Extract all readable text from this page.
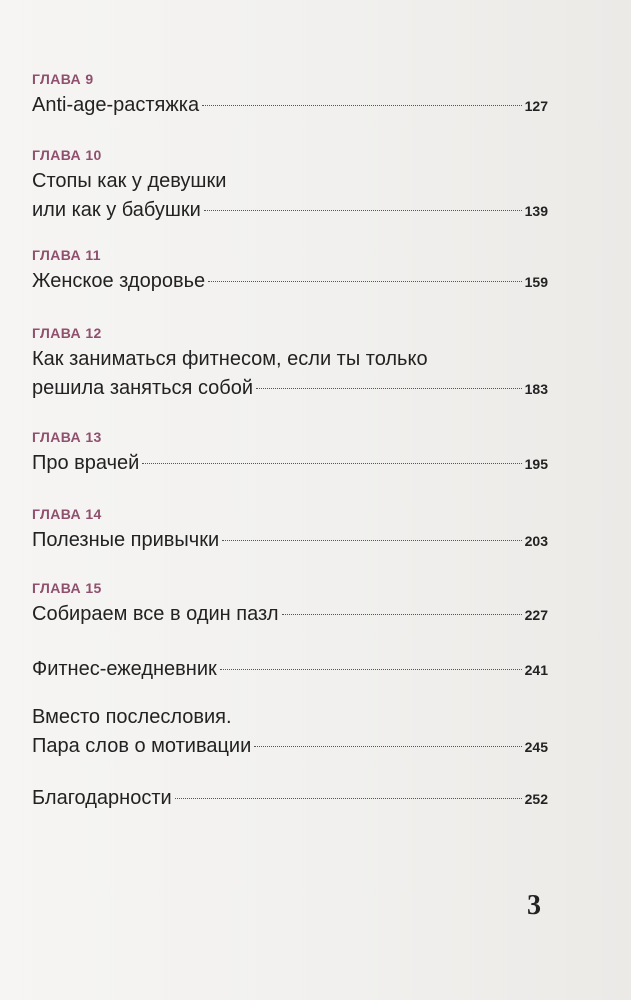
ГЛАВА 9
Anti-age-растяжка	127
ГЛАВА 10
Стопы как у девушки
или как у бабушки	139
ГЛАВА 11
Женское здоровье	159
ГЛАВА 12
Как заниматься фитнесом, если ты только
решила заняться собой	183
ГЛАВА 13
Про врачей	195
ГЛАВА 14
Полезные привычки	203
ГЛАВА 15
Собираем все в один пазл	227
Фитнес-ежедневник	241
Вместо послесловия.
Пара слов о мотивации	245
Благодарности	252
3
